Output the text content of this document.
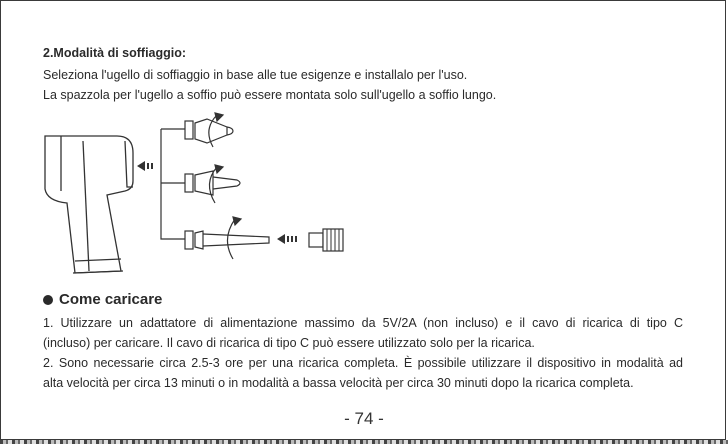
2.Modalità di soffiaggio:
Seleziona l'ugello di soffiaggio in base alle tue esigenze e installalo per l'uso.
La spazzola per l'ugello a soffio può essere montata solo sull'ugello a soffio lungo.
Come caricare
1. Utilizzare un adattatore di alimentazione massimo da 5V/2A (non incluso) e il cavo di ricarica di tipo C
(incluso) per caricare. Il cavo di ricarica di tipo C può essere utilizzato solo per la ricarica.
2. Sono necessarie circa 2.5-3 ore per una ricarica completa. È possibile utilizzare il dispositivo in modalità ad
alta velocità per circa 13 minuti o in modalità a bassa velocità per circa 30 minuti dopo la ricarica completa.
- 74 -
